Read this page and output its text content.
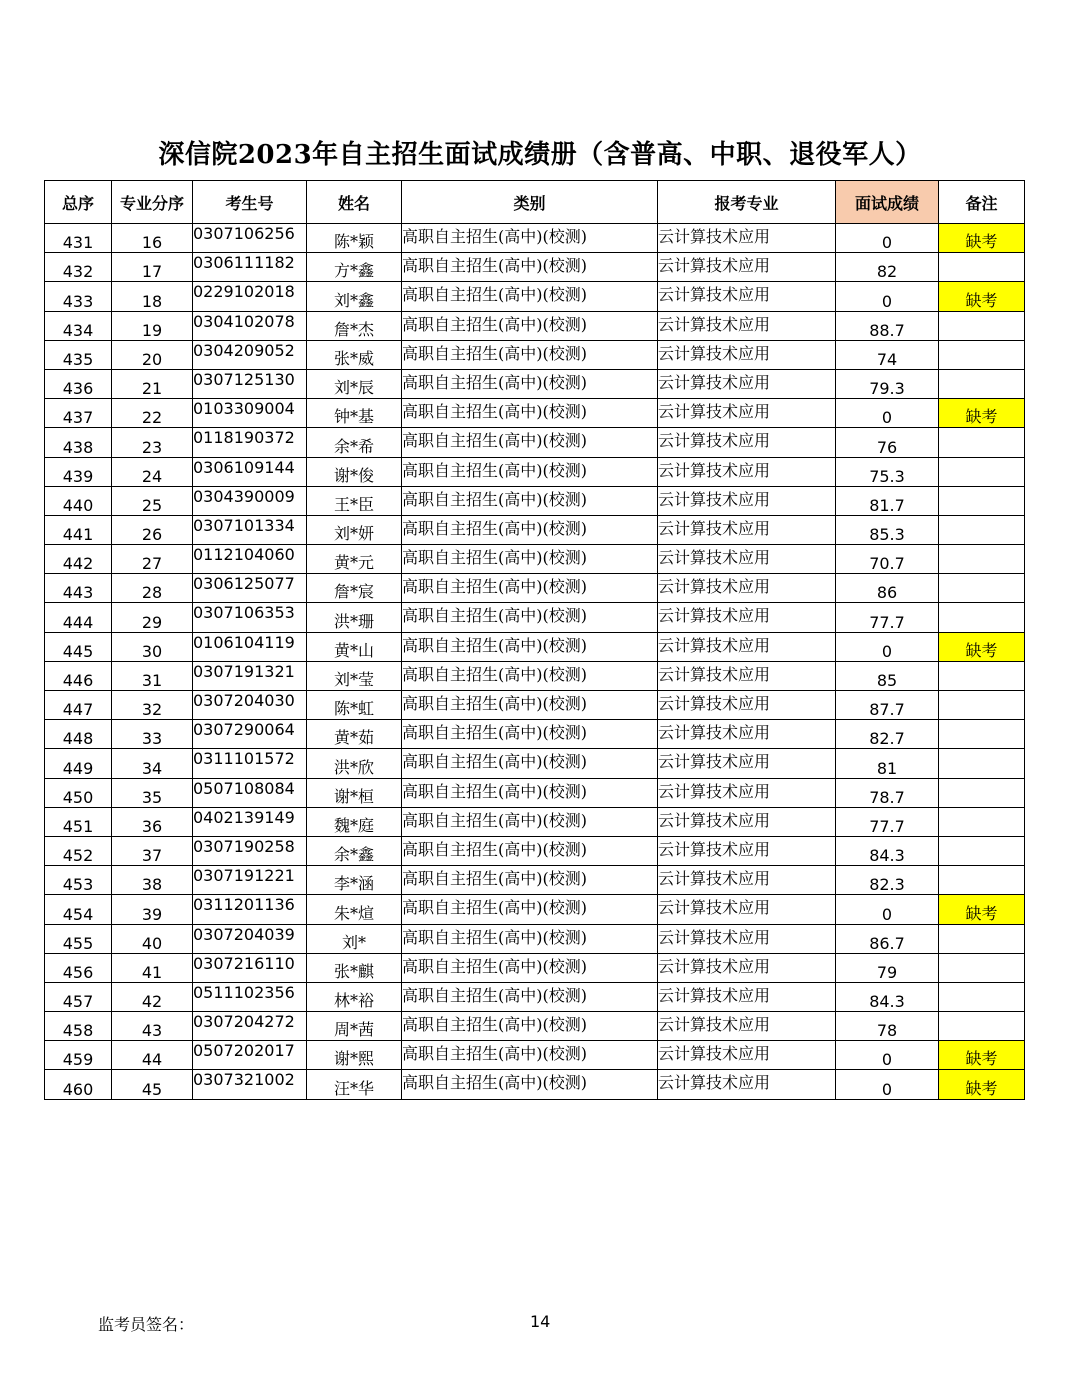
深信院2023年自主招生面试成绩册（含普高、中职、退役军人）
总序	专业分序	考生号	姓名	类别	报考专业	面试成绩	备注
431	16	0307106256	陈*颖	高职自主招生(高中)(校测)	云计算技术应用	0	缺考
432	17	0306111182	方*鑫	高职自主招生(高中)(校测)	云计算技术应用	82	
433	18	0229102018	刘*鑫	高职自主招生(高中)(校测)	云计算技术应用	0	缺考
434	19	0304102078	詹*杰	高职自主招生(高中)(校测)	云计算技术应用	88.7	
435	20	0304209052	张*威	高职自主招生(高中)(校测)	云计算技术应用	74	
436	21	0307125130	刘*辰	高职自主招生(高中)(校测)	云计算技术应用	79.3	
437	22	0103309004	钟*基	高职自主招生(高中)(校测)	云计算技术应用	0	缺考
438	23	0118190372	余*希	高职自主招生(高中)(校测)	云计算技术应用	76	
439	24	0306109144	谢*俊	高职自主招生(高中)(校测)	云计算技术应用	75.3	
440	25	0304390009	王*臣	高职自主招生(高中)(校测)	云计算技术应用	81.7	
441	26	0307101334	刘*妍	高职自主招生(高中)(校测)	云计算技术应用	85.3	
442	27	0112104060	黄*元	高职自主招生(高中)(校测)	云计算技术应用	70.7	
443	28	0306125077	詹*宸	高职自主招生(高中)(校测)	云计算技术应用	86	
444	29	0307106353	洪*珊	高职自主招生(高中)(校测)	云计算技术应用	77.7	
445	30	0106104119	黄*山	高职自主招生(高中)(校测)	云计算技术应用	0	缺考
446	31	0307191321	刘*莹	高职自主招生(高中)(校测)	云计算技术应用	85	
447	32	0307204030	陈*虹	高职自主招生(高中)(校测)	云计算技术应用	87.7	
448	33	0307290064	黄*茹	高职自主招生(高中)(校测)	云计算技术应用	82.7	
449	34	0311101572	洪*欣	高职自主招生(高中)(校测)	云计算技术应用	81	
450	35	0507108084	谢*桓	高职自主招生(高中)(校测)	云计算技术应用	78.7	
451	36	0402139149	魏*庭	高职自主招生(高中)(校测)	云计算技术应用	77.7	
452	37	0307190258	余*鑫	高职自主招生(高中)(校测)	云计算技术应用	84.3	
453	38	0307191221	李*涵	高职自主招生(高中)(校测)	云计算技术应用	82.3	
454	39	0311201136	朱*煊	高职自主招生(高中)(校测)	云计算技术应用	0	缺考
455	40	0307204039	刘*	高职自主招生(高中)(校测)	云计算技术应用	86.7	
456	41	0307216110	张*麒	高职自主招生(高中)(校测)	云计算技术应用	79	
457	42	0511102356	林*裕	高职自主招生(高中)(校测)	云计算技术应用	84.3	
458	43	0307204272	周*茜	高职自主招生(高中)(校测)	云计算技术应用	78	
459	44	0507202017	谢*熙	高职自主招生(高中)(校测)	云计算技术应用	0	缺考
460	45	0307321002	汪*华	高职自主招生(高中)(校测)	云计算技术应用	0	缺考
监考员签名：	14
